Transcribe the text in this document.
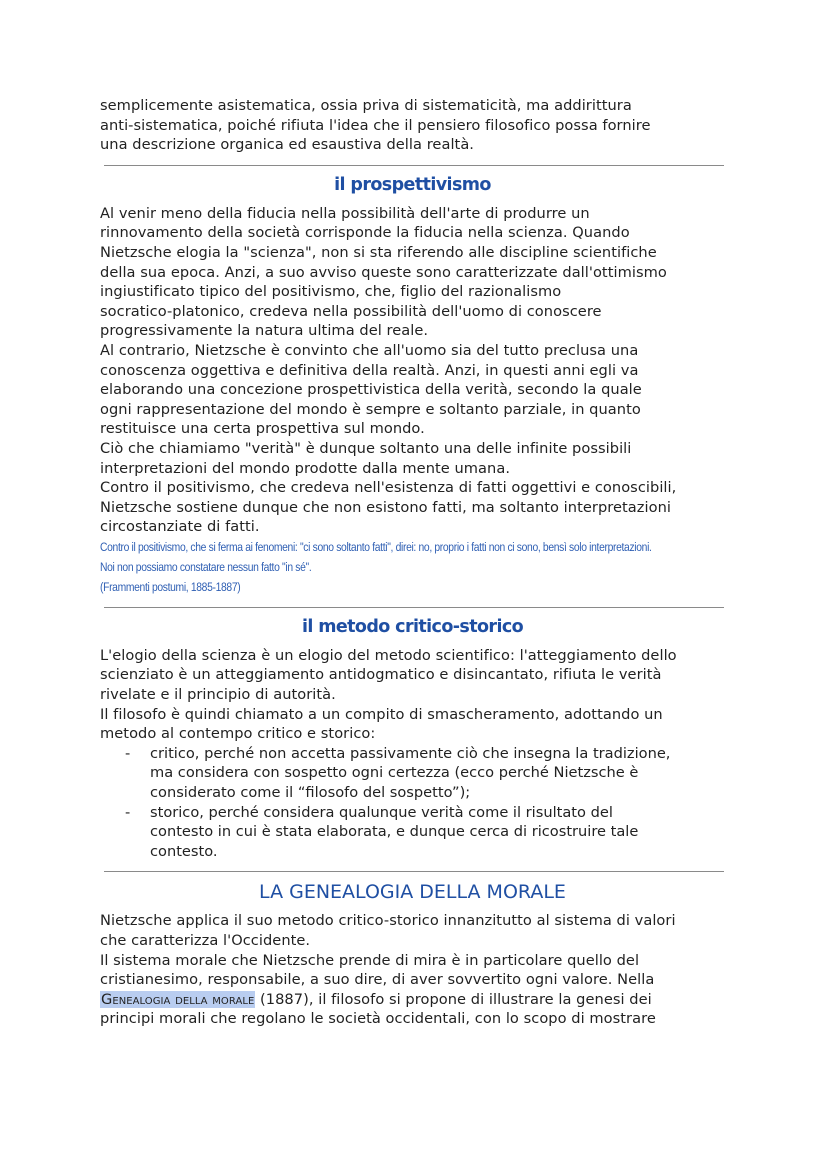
semplicemente asistematica, ossia priva di sistematicità, ma addirittura

anti-sistematica, poiché rifiuta l'idea che il pensiero filosofico possa fornire

una descrizione organica ed esaustiva della realtà.

il prospettivismo

Al venir meno della fiducia nella possibilità dell'arte di produrre un

rinnovamento della società corrisponde la fiducia nella scienza. Quando

Nietzsche elogia la "scienza", non si sta riferendo alle discipline scientifiche

della sua epoca. Anzi, a suo avviso queste sono caratterizzate dall'ottimismo

ingiustificato tipico del positivismo, che, figlio del razionalismo

socratico-platonico, credeva nella possibilità dell'uomo di conoscere

progressivamente la natura ultima del reale.

Al contrario, Nietzsche è convinto che all'uomo sia del tutto preclusa una

conoscenza oggettiva e definitiva della realtà. Anzi, in questi anni egli va

elaborando una concezione prospettivistica della verità, secondo la quale

ogni rappresentazione del mondo è sempre e soltanto parziale, in quanto

restituisce una certa prospettiva sul mondo.

Ciò che chiamiamo "verità" è dunque soltanto una delle infinite possibili

interpretazioni del mondo prodotte dalla mente umana.

Contro il positivismo, che credeva nell'esistenza di fatti oggettivi e conoscibili,

Nietzsche sostiene dunque che non esistono fatti, ma soltanto interpretazioni

circostanziate di fatti.

Contro il positivismo, che si ferma ai fenomeni: "ci sono soltanto fatti", direi: no, proprio i fatti non ci sono, bensì solo interpretazioni.
Noi non possiamo constatare nessun fatto "in sé".
(Frammenti postumi, 1885-1887)
il metodo critico-storico

L'elogio della scienza è un elogio del metodo scientifico: l'atteggiamento dello

scienziato è un atteggiamento antidogmatico e disincantato, rifiuta le verità

rivelate e il principio di autorità.

Il filosofo è quindi chiamato a un compito di smascheramento, adottando un

metodo al contempo critico e storico:

- critico, perché non accetta passivamente ciò che insegna la tradizione,
ma considera con sospetto ogni certezza (ecco perché Nietzsche è
considerato come il “filosofo del sospetto”);
- storico, perché considera qualunque verità come il risultato del
contesto in cui è stata elaborata, e dunque cerca di ricostruire tale
contesto.
LA GENEALOGIA DELLA MORALE

Nietzsche applica il suo metodo critico-storico innanzitutto al sistema di valori

che caratterizza l'Occidente.

Il sistema morale che Nietzsche prende di mira è in particolare quello del

cristianesimo, responsabile, a suo dire, di aver sovvertito ogni valore. Nella

Genealogia della morale (1887), il filosofo si propone di illustrare la genesi dei

principi morali che regolano le società occidentali, con lo scopo di mostrare
